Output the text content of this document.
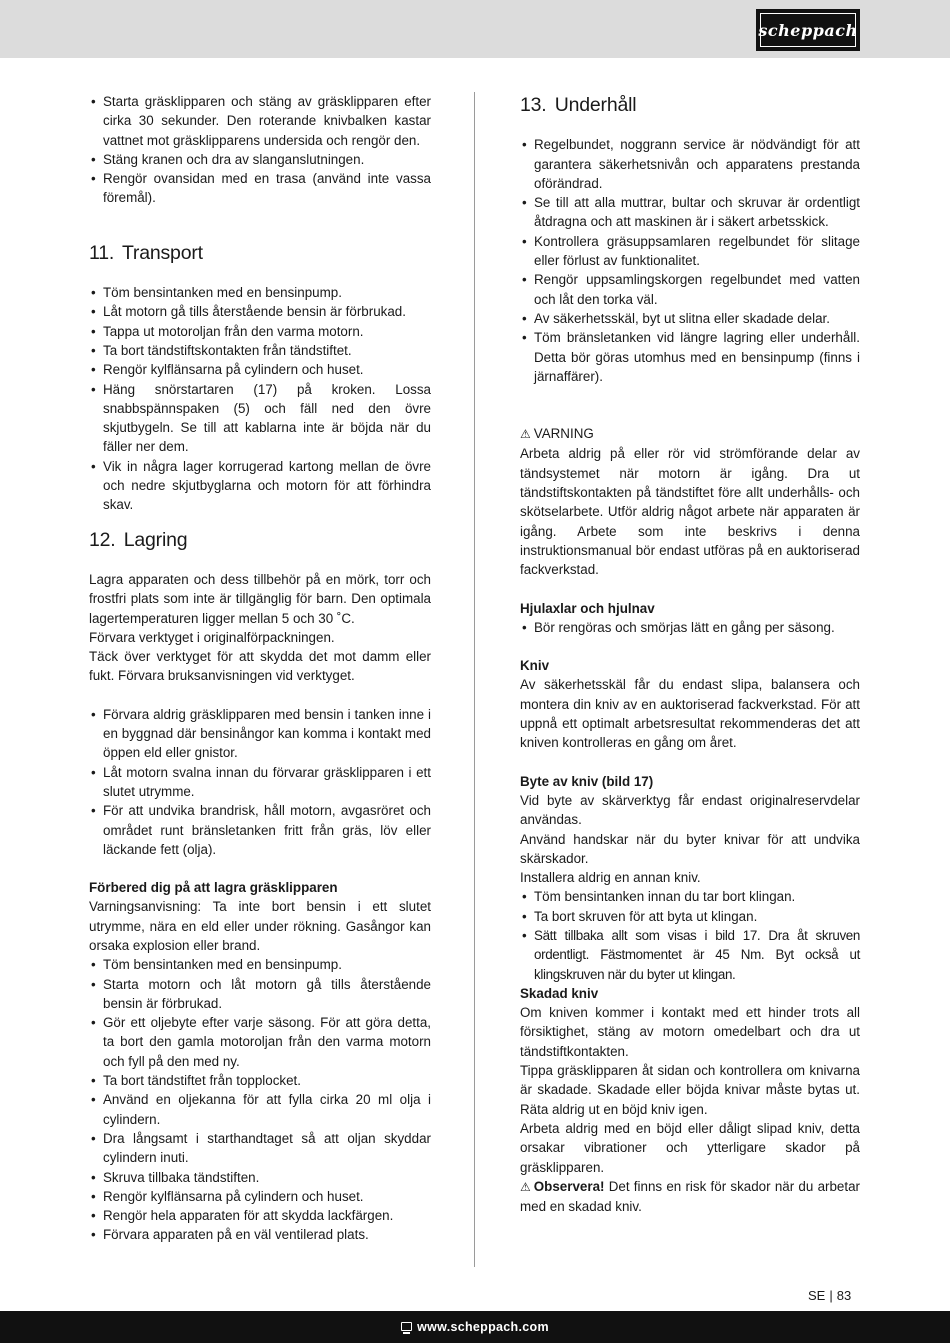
scheppach
• Starta gräsklipparen och stäng av gräsklipparen efter cirka 30 sekunder. Den roterande knivbalken kastar vattnet mot gräsklipparens undersida och rengör den.
• Stäng kranen och dra av slanganslutningen.
• Rengör ovansidan med en trasa (använd inte vassa föremål).
11. Transport
• Töm bensintanken med en bensinpump.
• Låt motorn gå tills återstående bensin är förbrukad.
• Tappa ut motoroljan från den varma motorn.
• Ta bort tändstiftskontakten från tändstiftet.
• Rengör kylflänsarna på cylindern och huset.
• Häng snörstartaren (17) på kroken. Lossa snabbspännspaken (5) och fäll ned den övre skjutbygeln. Se till att kablarna inte är böjda när du fäller ner dem.
• Vik in några lager korrugerad kartong mellan de övre och nedre skjutbyglarna och motorn för att förhindra skav.
12. Lagring

Lagra apparaten och dess tillbehör på en mörk, torr och frostfri plats som inte är tillgänglig för barn. Den optimala lagertemperaturen ligger mellan 5 och 30 ˚C.

Förvara verktyget i originalförpackningen.

Täck över verktyget för att skydda det mot damm eller fukt. Förvara bruksanvisningen vid verktyget.

• Förvara aldrig gräsklipparen med bensin i tanken inne i en byggnad där bensinångor kan komma i kontakt med öppen eld eller gnistor.
• Låt motorn svalna innan du förvarar gräsklipparen i ett slutet utrymme.
• För att undvika brandrisk, håll motorn, avgasröret och området runt bränsletanken fritt från gräs, löv eller läckande fett (olja).

Förbered dig på att lagra gräsklipparen

Varningsanvisning: Ta inte bort bensin i ett slutet utrymme, nära en eld eller under rökning. Gasångor kan orsaka explosion eller brand.

• Töm bensintanken med en bensinpump.
• Starta motorn och låt motorn gå tills återstående bensin är förbrukad.
• Gör ett oljebyte efter varje säsong. För att göra detta, ta bort den gamla motoroljan från den varma motorn och fyll på den med ny.
• Ta bort tändstiftet från topplocket.
• Använd en oljekanna för att fylla cirka 20 ml olja i cylindern.
• Dra långsamt i starthandtaget så att oljan skyddar cylindern inuti.
• Skruva tillbaka tändstiften.
• Rengör kylflänsarna på cylindern och huset.
• Rengör hela apparaten för att skydda lackfärgen.
• Förvara apparaten på en väl ventilerad plats.
13. Underhåll
• Regelbundet, noggrann service är nödvändigt för att garantera säkerhetsnivån och apparatens prestanda oförändrad.
• Se till att alla muttrar, bultar och skruvar är ordentligt åtdragna och att maskinen är i säkert arbetsskick.
• Kontrollera gräsuppsamlaren regelbundet för slitage eller förlust av funktionalitet.
• Rengör uppsamlingskorgen regelbundet med vatten och låt den torka väl.
• Av säkerhetsskäl, byt ut slitna eller skadade delar.
• Töm bränsletanken vid längre lagring eller underhåll. Detta bör göras utomhus med en bensinpump (finns i järnaffärer).

⚠ VARNING

Arbeta aldrig på eller rör vid strömförande delar av tändsystemet när motorn är igång. Dra ut tändstiftskontakten på tändstiftet före allt underhålls- och skötselarbete. Utför aldrig något arbete när apparaten är igång. Arbete som inte beskrivs i denna instruktionsmanual bör endast utföras på en auktoriserad fackverkstad.

Hjulaxlar och hjulnav

• Bör rengöras och smörjas lätt en gång per säsong.

Kniv

Av säkerhetsskäl får du endast slipa, balansera och montera din kniv av en auktoriserad fackverkstad. För att uppnå ett optimalt arbetsresultat rekommenderas det att kniven kontrolleras en gång om året.

Byte av kniv (bild 17)

Vid byte av skärverktyg får endast originalreservdelar användas.

Använd handskar när du byter knivar för att undvika skärskador.

Installera aldrig en annan kniv.

• Töm bensintanken innan du tar bort klingan.
• Ta bort skruven för att byta ut klingan.
• Sätt tillbaka allt som visas i bild 17. Dra åt skruven ordentligt. Fästmomentet är 45 Nm. Byt också ut klingskruven när du byter ut klingan.

Skadad kniv

Om kniven kommer i kontakt med ett hinder trots all försiktighet, stäng av motorn omedelbart och dra ut tändstiftkontakten.

Tippa gräsklipparen åt sidan och kontrollera om knivarna är skadade. Skadade eller böjda knivar måste bytas ut. Räta aldrig ut en böjd kniv igen.

Arbeta aldrig med en böjd eller dåligt slipad kniv, detta orsakar vibrationer och ytterligare skador på gräsklipparen.

⚠ Observera! Det finns en risk för skador när du arbetar med en skadad kniv.

SE | 83
www.scheppach.com
